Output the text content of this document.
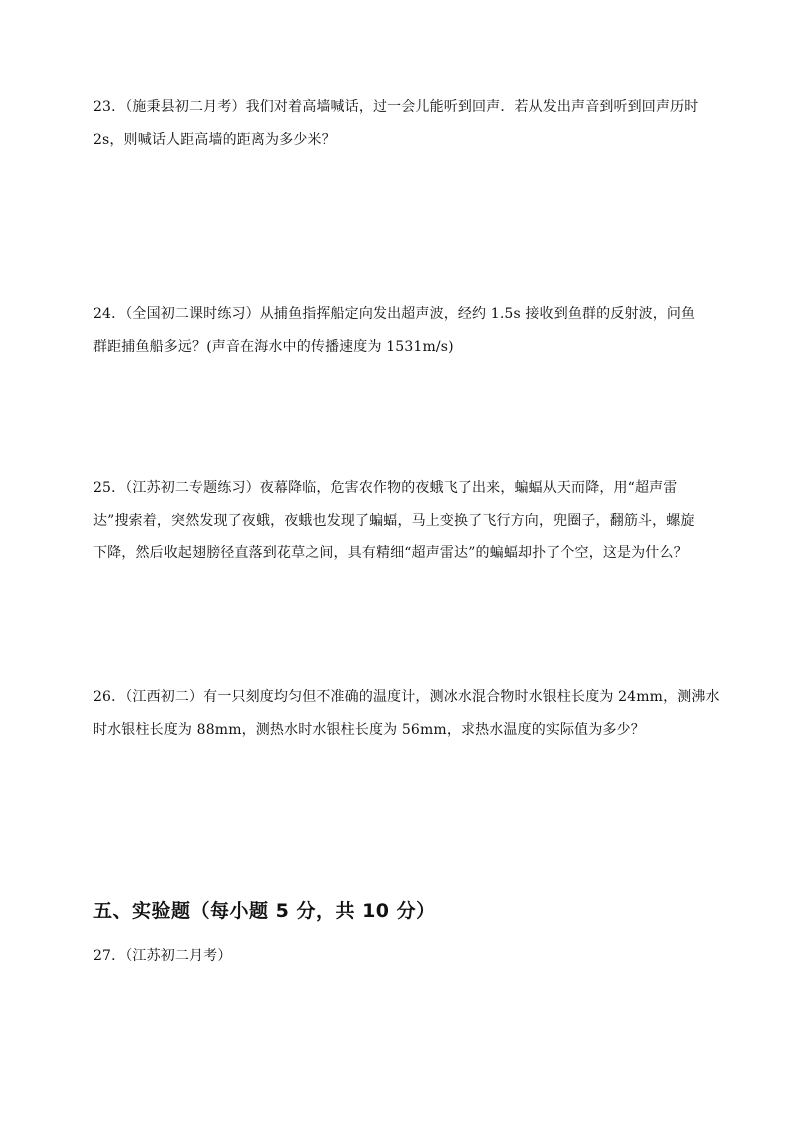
23．（施秉县初二月考）我们对着高墙喊话，过一会儿能听到回声．若从发出声音到听到回声历时
2s，则喊话人距高墙的距离为多少米？
24．（全国初二课时练习）从捕鱼指挥船定向发出超声波，经约 1.5s 接收到鱼群的反射波，问鱼
群距捕鱼船多远？(声音在海水中的传播速度为 1531m/s)
25．（江苏初二专题练习）夜幕降临，危害农作物的夜蛾飞了出来，蝙蝠从天而降，用“超声雷
达”搜索着，突然发现了夜蛾，夜蛾也发现了蝙蝠，马上变换了飞行方向，兜圈子，翻筋斗，螺旋
下降，然后收起翅膀径直落到花草之间，具有精细“超声雷达”的蝙蝠却扑了个空，这是为什么？
26．（江西初二）有一只刻度均匀但不准确的温度计，测冰水混合物时水银柱长度为 24mm，测沸水
时水银柱长度为 88mm，测热水时水银柱长度为 56mm，求热水温度的实际值为多少？
五、实验题（每小题 5 分，共 10 分）
27．（江苏初二月考）
